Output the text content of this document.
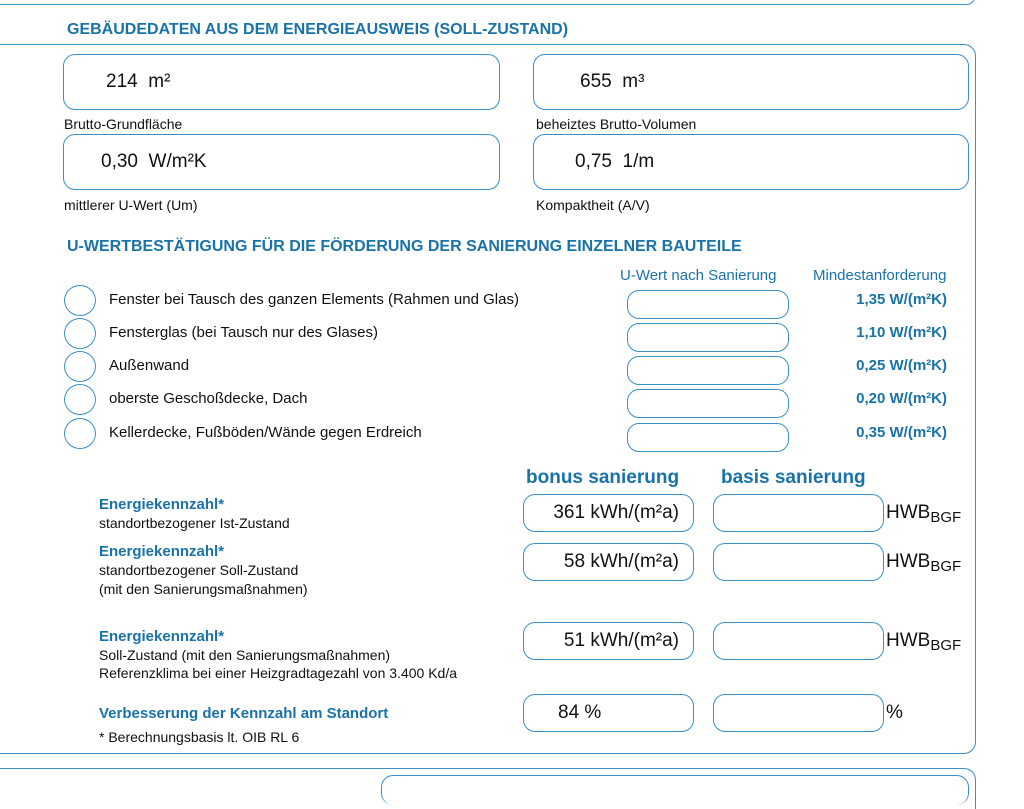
GEBÄUDEDATEN AUS DEM ENERGIEAUSWEIS (SOLL-ZUSTAND)
214  m²
Brutto-Grundfläche
655  m³
beheiztes Brutto-Volumen
0,30  W/m²K
mittlerer U-Wert (Um)
0,75  1/m
Kompaktheit (A/V)
U-WERTBESTÄTIGUNG FÜR DIE FÖRDERUNG DER SANIERUNG EINZELNER BAUTEILE
U-Wert nach Sanierung Mindestanforderung
Fenster bei Tausch des ganzen Elements (Rahmen und Glas)	1,35 W/(m²K)
Fensterglas (bei Tausch nur des Glases)	1,10 W/(m²K)
Außenwand	0,25 W/(m²K)
oberste Geschoßdecke, Dach	0,20 W/(m²K)
Kellerdecke, Fußböden/Wände gegen Erdreich	0,35 W/(m²K)
bonus sanierung basis sanierung
Energiekennzahl*
standortbezogener Ist-Zustand	361 kWh/(m²a)	$HWB_{BGF}$
Energiekennzahl*
standortbezogener Soll-Zustand
(mit den Sanierungsmaßnahmen)
58 kWh/(m²a)	$HWB_{BGF}$
Energiekennzahl*
Soll-Zustand (mit den Sanierungsmaßnahmen)
Referenzklima bei einer Heizgradtagezahl von 3.400 Kd/a
51 kWh/(m²a)	$HWB_{BGF}$
Verbesserung der Kennzahl am Standort	84 %	%
* Berechnungsbasis lt. OIB RL 6
